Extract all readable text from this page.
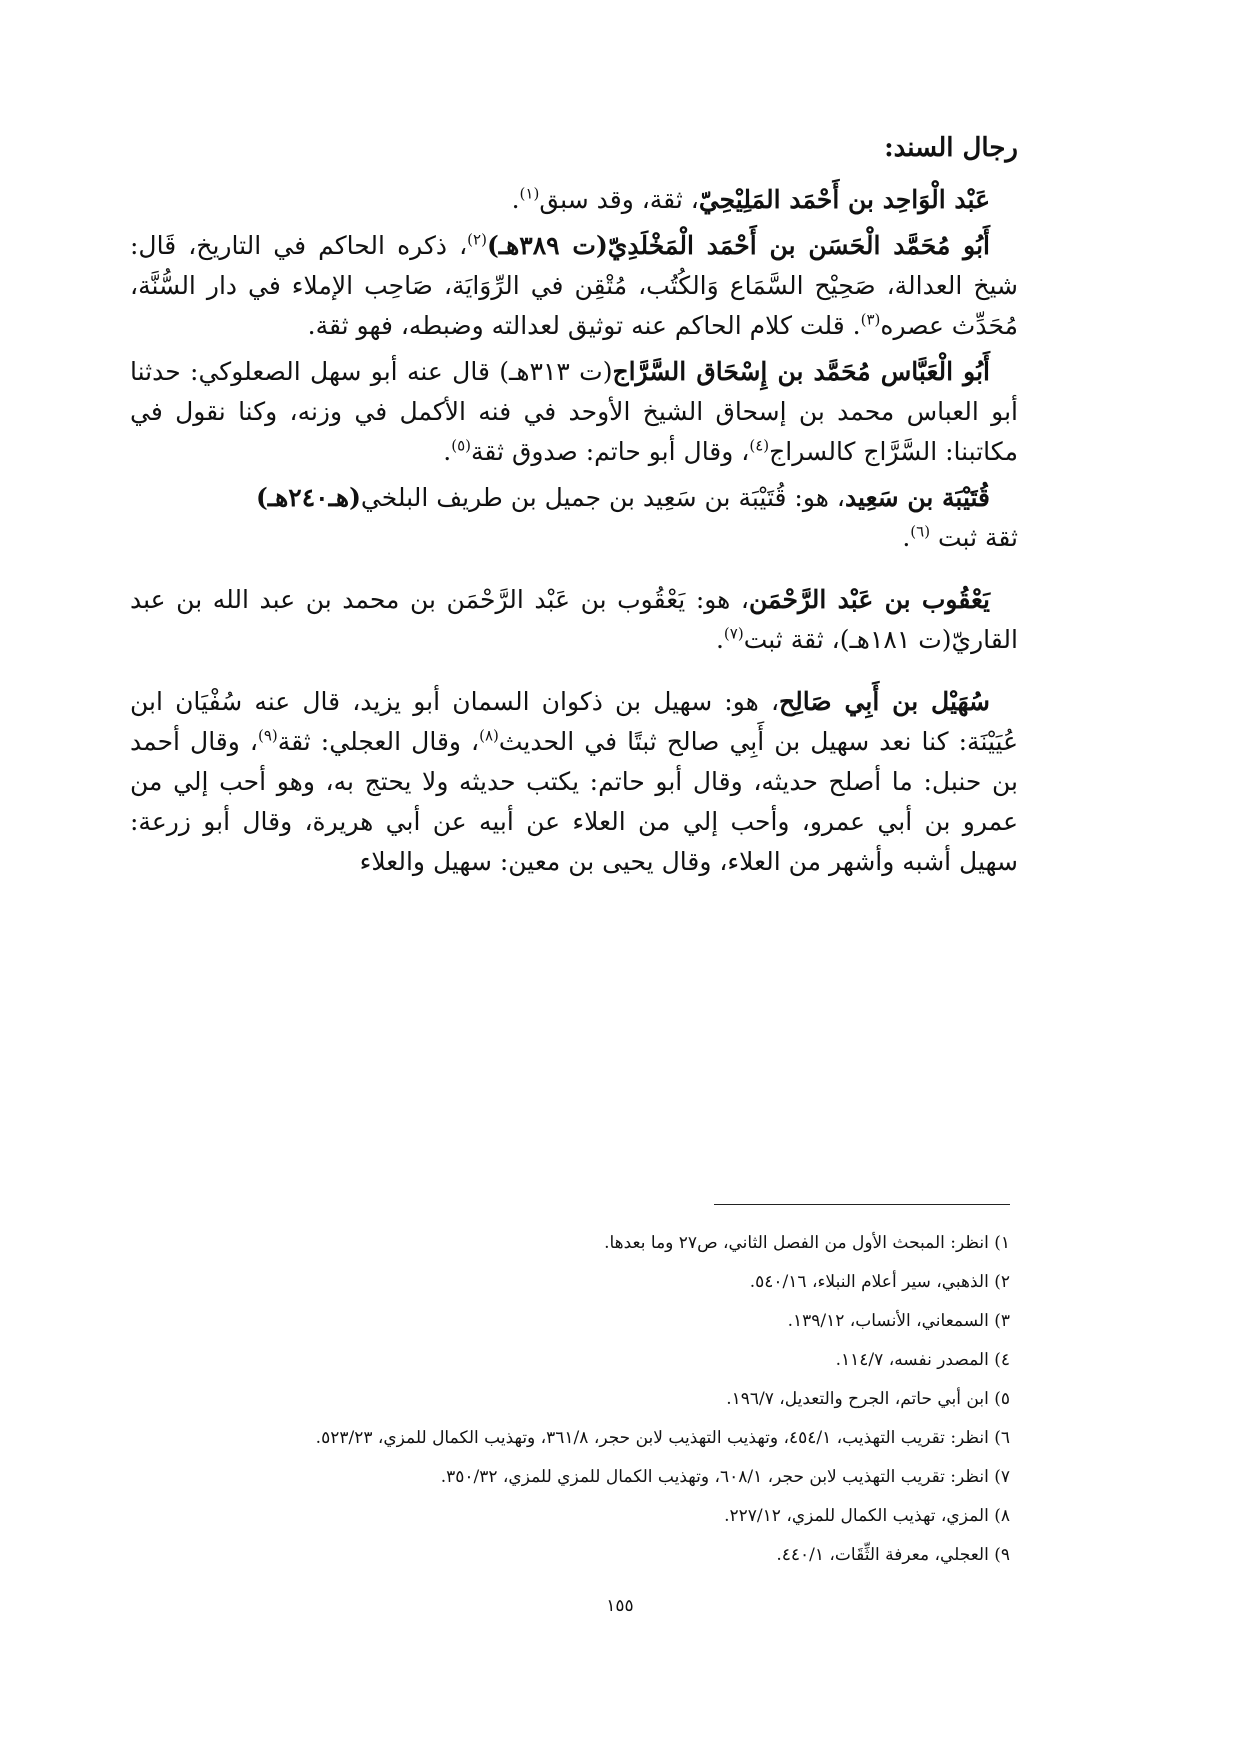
رجال السند:

عَبْد الْوَاحِد بن أَحْمَد المَلِيْحِيّ، ثقة، وقد سبق$^{(١)}$.

أَبُو مُحَمَّد الْحَسَن بن أَحْمَد الْمَخْلَدِيّ(ت ٣٨٩هـ)$^{(٢)}$، ذكره الحاكم في التاريخ، قَال: شيخ العدالة، صَحِيْح السَّمَاع وَالكُتُب، مُتْقِن في الرِّوَايَة، صَاحِب الإملاء في دار السُّنَّة، مُحَدِّث عصره$^{(٣)}$. قلت كلام الحاكم عنه توثيق لعدالته وضبطه، فهو ثقة.

أَبُو الْعَبَّاس مُحَمَّد بن إِسْحَاق السَّرَّاج(ت ٣١٣هـ) قال عنه أبو سهل الصعلوكي: حدثنا أبو العباس محمد بن إسحاق الشيخ الأوحد في فنه الأكمل في وزنه، وكنا نقول في مكاتبنا: السَّرَّاج كالسراج$^{(٤)}$، وقال أبو حاتم: صدوق ثقة$^{(٥)}$.

قُتَيْبَة بن سَعِيد، هو: قُتَيْبَة بن سَعِيد بن جميل بن طريف البلخي(هـ٢٤٠هـ)
ثقة ثبت $^{(٦)}$.

يَعْقُوب بن عَبْد الرَّحْمَن، هو: يَعْقُوب بن عَبْد الرَّحْمَن بن محمد بن عبد الله بن عبد القاريّ(ت ١٨١هـ)، ثقة ثبت$^{(٧)}$.

سُهَيْل بن أَبِي صَالِح، هو: سهيل بن ذكوان السمان أبو يزيد، قال عنه سُفْيَان ابن عُيَيْنَة: كنا نعد سهيل بن أَبِي صالح ثبتًا في الحديث$^{(٨)}$، وقال العجلي: ثقة$^{(٩)}$، وقال أحمد بن حنبل: ما أصلح حديثه، وقال أبو حاتم: يكتب حديثه ولا يحتج به، وهو أحب إلي من عمرو بن أبي عمرو، وأحب إلي من العلاء عن أبيه عن أبي هريرة، وقال أبو زرعة: سهيل أشبه وأشهر من العلاء، وقال يحيى بن معين: سهيل والعلاء

١) انظر: المبحث الأول من الفصل الثاني، ص٢٧ وما بعدها.
٢) الذهبي، سير أعلام النبلاء، ٥٤٠/١٦.
٣) السمعاني، الأنساب، ١٣٩/١٢.
٤) المصدر نفسه، ١١٤/٧.
٥) ابن أبي حاتم، الجرح والتعديل، ١٩٦/٧.
٦) انظر: تقريب التهذيب، ٤٥٤/١، وتهذيب التهذيب لابن حجر، ٣٦١/٨، وتهذيب الكمال للمزي، ٥٢٣/٢٣.
٧) انظر: تقريب التهذيب لابن حجر، ٦٠٨/١، وتهذيب الكمال للمزي للمزي، ٣٥٠/٣٢.
٨) المزي، تهذيب الكمال للمزي، ٢٢٧/١٢.
٩) العجلي، معرفة الثِّقَات، ٤٤٠/١.
١٥٥
